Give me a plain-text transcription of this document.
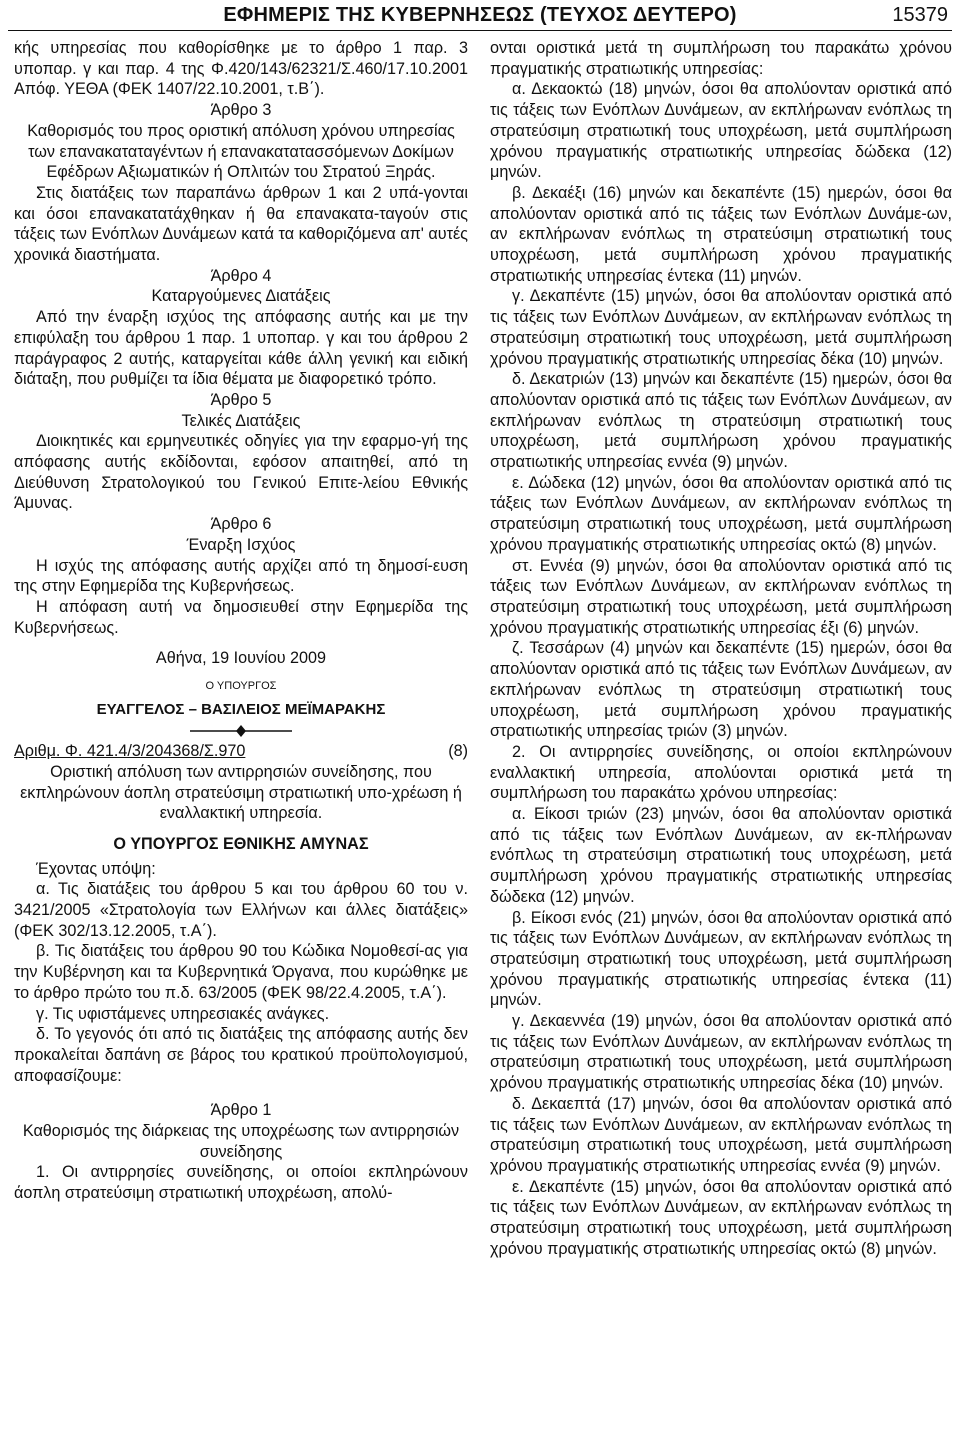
ΕΦΗΜΕΡΙΣ ΤΗΣ ΚΥΒΕΡΝΗΣΕΩΣ (ΤΕΥΧΟΣ ΔΕΥΤΕΡΟ)	15379

κής υπηρεσίας που καθορίσθηκε με το άρθρο 1 παρ. 3 υποπαρ. γ και παρ. 4 της Φ.420/143/62321/Σ.460/17.10.2001 Απόφ. ΥΕΘΑ (ΦΕΚ 1407/22.10.2001, τ.Β΄).

Άρθρο 3

Καθορισμός του προς οριστική απόλυση χρόνου υπηρεσίας των επανακαταταγέντων ή επανακατατασσόμενων Δοκίμων Εφέδρων Αξιωματικών ή Οπλιτών του Στρατού Ξηράς.

Στις διατάξεις των παραπάνω άρθρων 1 και 2 υπά-γονται και όσοι επανακατατάχθηκαν ή θα επανακατα-ταγούν στις τάξεις των Ενόπλων Δυνάμεων κατά τα καθοριζόμενα απ' αυτές χρονικά διαστήματα.

Άρθρο 4

Καταργούμενες Διατάξεις

Από την έναρξη ισχύος της απόφασης αυτής και με την επιφύλαξη του άρθρου 1 παρ. 1 υποπαρ. γ και του άρθρου 2 παράγραφος 2 αυτής, καταργείται κάθε άλλη γενική και ειδική διάταξη, που ρυθμίζει τα ίδια θέματα με διαφορετικό τρόπο.

Άρθρο 5

Τελικές Διατάξεις

Διοικητικές και ερμηνευτικές οδηγίες για την εφαρμο-γή της απόφασης αυτής εκδίδονται, εφόσον απαιτηθεί, από τη Διεύθυνση Στρατολογικού του Γενικού Επιτε-λείου Εθνικής Άμυνας.

Άρθρο 6

Έναρξη Ισχύος

Η ισχύς της απόφασης αυτής αρχίζει από τη δημοσί-ευση της στην Εφημερίδα της Κυβερνήσεως.

Η απόφαση αυτή να δημοσιευθεί στην Εφημερίδα της Κυβερνήσεως.

Αθήνα, 19 Ιουνίου 2009

Ο ΥΠΟΥΡΓΟΣ

ΕΥΑΓΓΕΛΟΣ – ΒΑΣΙΛΕΙΟΣ ΜΕΪΜΑΡΑΚΗΣ

Αριθμ. Φ. 421.4/3/204368/Σ.970	(8)

Οριστική απόλυση των αντιρρησιών συνείδησης, που εκπληρώνουν άοπλη στρατεύσιμη στρατιωτική υπο-χρέωση ή εναλλακτική υπηρεσία.

Ο ΥΠΟΥΡΓΟΣ ΕΘΝΙΚΗΣ ΑΜΥΝΑΣ

Έχοντας υπόψη:

α. Τις διατάξεις του άρθρου 5 και του άρθρου 60 του ν. 3421/2005 «Στρατολογία των Ελλήνων και άλλες διατάξεις» (ΦΕΚ 302/13.12.2005, τ.Α΄).

β. Τις διατάξεις του άρθρου 90 του Κώδικα Νομοθεσί-ας για την Κυβέρνηση και τα Κυβερνητικά Όργανα, που κυρώθηκε με το άρθρο πρώτο του π.δ. 63/2005 (ΦΕΚ 98/22.4.2005, τ.Α΄).

γ. Τις υφιστάμενες υπηρεσιακές ανάγκες.

δ. Το γεγονός ότι από τις διατάξεις της απόφασης αυτής δεν προκαλείται δαπάνη σε βάρος του κρατικού προϋπολογισμού, αποφασίζουμε:

Άρθρο 1

Καθορισμός της διάρκειας της υποχρέωσης των αντιρρησιών συνείδησης

1. Οι αντιρρησίες συνείδησης, οι οποίοι εκπληρώνουν άοπλη στρατεύσιμη στρατιωτική υποχρέωση, απολύ-

ονται οριστικά μετά τη συμπλήρωση του παρακάτω χρόνου πραγματικής στρατιωτικής υπηρεσίας:

α. Δεκαοκτώ (18) μηνών, όσοι θα απολύονταν οριστικά από τις τάξεις των Ενόπλων Δυνάμεων, αν εκπλήρωναν ενόπλως τη στρατεύσιμη στρατιωτική τους υποχρέωση, μετά συμπλήρωση χρόνου πραγματικής στρατιωτικής υπηρεσίας δώδεκα (12) μηνών.

β. Δεκαέξι (16) μηνών και δεκαπέντε (15) ημερών, όσοι θα απολύονταν οριστικά από τις τάξεις των Ενόπλων Δυνάμε-ων, αν εκπλήρωναν ενόπλως τη στρατεύσιμη στρατιωτική τους υποχρέωση, μετά συμπλήρωση χρόνου πραγματικής στρατιωτικής υπηρεσίας έντεκα (11) μηνών.

γ. Δεκαπέντε (15) μηνών, όσοι θα απολύονταν οριστικά από τις τάξεις των Ενόπλων Δυνάμεων, αν εκπλήρωναν ενόπλως τη στρατεύσιμη στρατιωτική τους υποχρέωση, μετά συμπλήρωση χρόνου πραγματικής στρατιωτικής υπηρεσίας δέκα (10) μηνών.

δ. Δεκατριών (13) μηνών και δεκαπέντε (15) ημερών, όσοι θα απολύονταν οριστικά από τις τάξεις των Ενόπλων Δυνάμεων, αν εκπλήρωναν ενόπλως τη στρατεύσιμη στρατιωτική τους υποχρέωση, μετά συμπλήρωση χρόνου πραγματικής στρατιωτικής υπηρεσίας εννέα (9) μηνών.

ε. Δώδεκα (12) μηνών, όσοι θα απολύονταν οριστικά από τις τάξεις των Ενόπλων Δυνάμεων, αν εκπλήρωναν ενόπλως τη στρατεύσιμη στρατιωτική τους υποχρέωση, μετά συμπλήρωση χρόνου πραγματικής στρατιωτικής υπηρεσίας οκτώ (8) μηνών.

στ. Εννέα (9) μηνών, όσοι θα απολύονταν οριστικά από τις τάξεις των Ενόπλων Δυνάμεων, αν εκπλήρωναν ενόπλως τη στρατεύσιμη στρατιωτική τους υποχρέωση, μετά συμπλήρωση χρόνου πραγματικής στρατιωτικής υπηρεσίας έξι (6) μηνών.

ζ. Τεσσάρων (4) μηνών και δεκαπέντε (15) ημερών, όσοι θα απολύονταν οριστικά από τις τάξεις των Ενόπλων Δυνάμεων, αν εκπλήρωναν ενόπλως τη στρατεύσιμη στρατιωτική τους υποχρέωση, μετά συμπλήρωση χρόνου πραγματικής στρατιωτικής υπηρεσίας τριών (3) μηνών.

2. Οι αντιρρησίες συνείδησης, οι οποίοι εκπληρώνουν εναλλακτική υπηρεσία, απολύονται οριστικά μετά τη συμπλήρωση του παρακάτω χρόνου υπηρεσίας:

α. Είκοσι τριών (23) μηνών, όσοι θα απολύονταν οριστικά από τις τάξεις των Ενόπλων Δυνάμεων, αν εκ-πλήρωναν ενόπλως τη στρατεύσιμη στρατιωτική τους υποχρέωση, μετά συμπλήρωση χρόνου πραγματικής στρατιωτικής υπηρεσίας δώδεκα (12) μηνών.

β. Είκοσι ενός (21) μηνών, όσοι θα απολύονταν οριστικά από τις τάξεις των Ενόπλων Δυνάμεων, αν εκπλήρωναν ενόπλως τη στρατεύσιμη στρατιωτική τους υποχρέωση, μετά συμπλήρωση χρόνου πραγματικής στρατιωτικής υπηρεσίας έντεκα (11) μηνών.

γ. Δεκαεννέα (19) μηνών, όσοι θα απολύονταν οριστικά από τις τάξεις των Ενόπλων Δυνάμεων, αν εκπλήρωναν ενόπλως τη στρατεύσιμη στρατιωτική τους υποχρέωση, μετά συμπλήρωση χρόνου πραγματικής στρατιωτικής υπηρεσίας δέκα (10) μηνών.

δ. Δεκαεπτά (17) μηνών, όσοι θα απολύονταν οριστικά από τις τάξεις των Ενόπλων Δυνάμεων, αν εκπλήρωναν ενόπλως τη στρατεύσιμη στρατιωτική τους υποχρέωση, μετά συμπλήρωση χρόνου πραγματικής στρατιωτικής υπηρεσίας εννέα (9) μηνών.

ε. Δεκαπέντε (15) μηνών, όσοι θα απολύονταν οριστικά από τις τάξεις των Ενόπλων Δυνάμεων, αν εκπλήρωναν ενόπλως τη στρατεύσιμη στρατιωτική τους υποχρέωση, μετά συμπλήρωση χρόνου πραγματικής στρατιωτικής υπηρεσίας οκτώ (8) μηνών.
